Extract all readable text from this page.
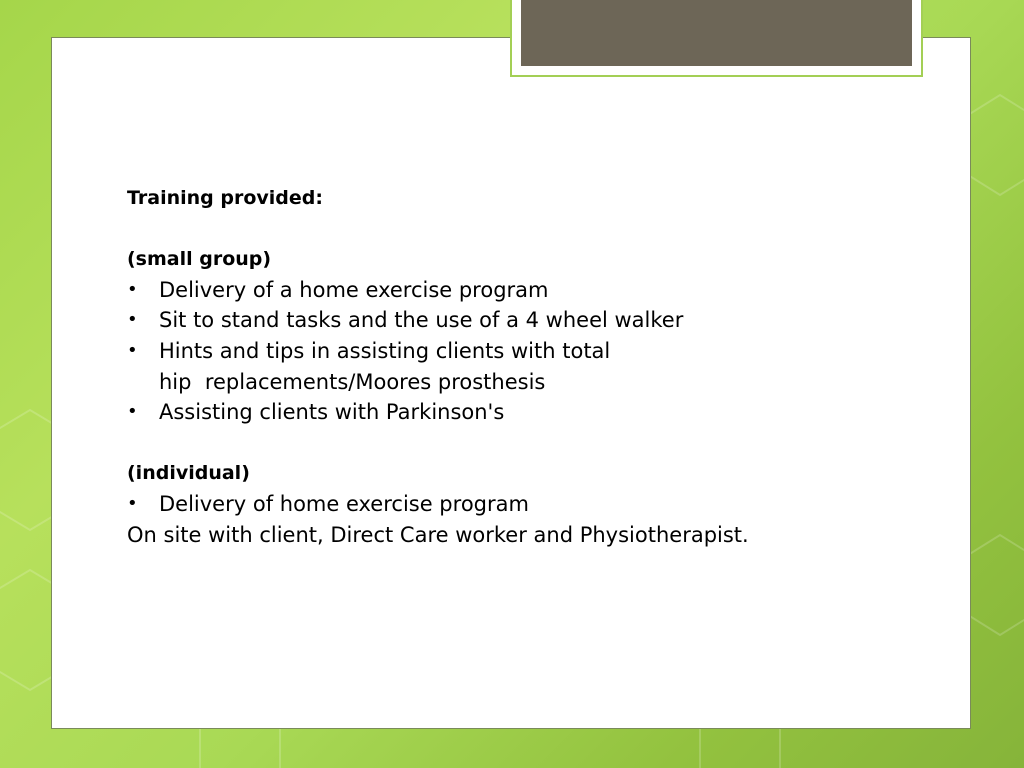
Training provided:
(small group)
•	Delivery of a home exercise program
•	Sit to stand tasks and the use of a 4 wheel walker
•	Hints and tips in assisting clients with total
hip  replacements/Moores prosthesis
•	Assisting clients with Parkinson's
(individual)
•	Delivery of home exercise program
On site with client, Direct Care worker and Physiotherapist.
